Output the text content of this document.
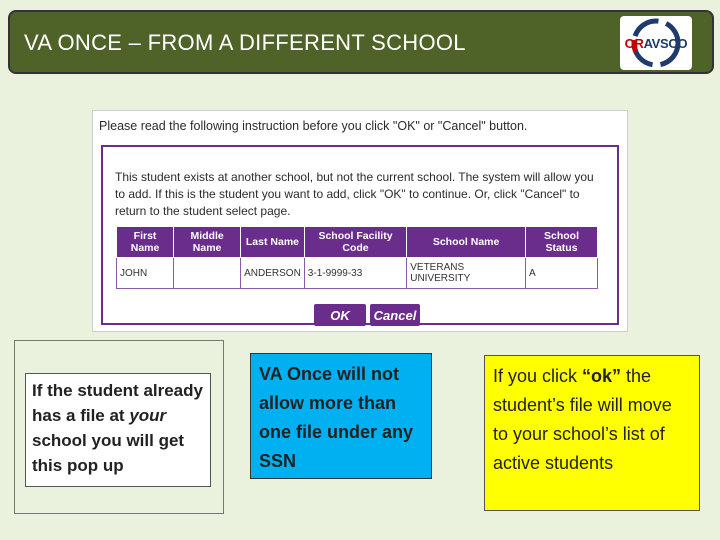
VA ONCE – FROM A DIFFERENT SCHOOL	ORAVSCO
Please read the following instruction before you click "OK" or "Cancel" button.
This student exists at another school, but not the current school. The system will allow you to add. If this is the student you want to add, click "OK" to continue. Or, click "Cancel" to return to the student select page.
First Name	Middle Name	Last Name	School Facility Code	School Name	School Status
JOHN		ANDERSON	3-1-9999-33	VETERANS UNIVERSITY	A
OK	Cancel
If the student already has a file at your school you will get this pop up
VA Once will not allow more than one file under any SSN
If you click “ok” the student’s file will move to your school’s list of active students
